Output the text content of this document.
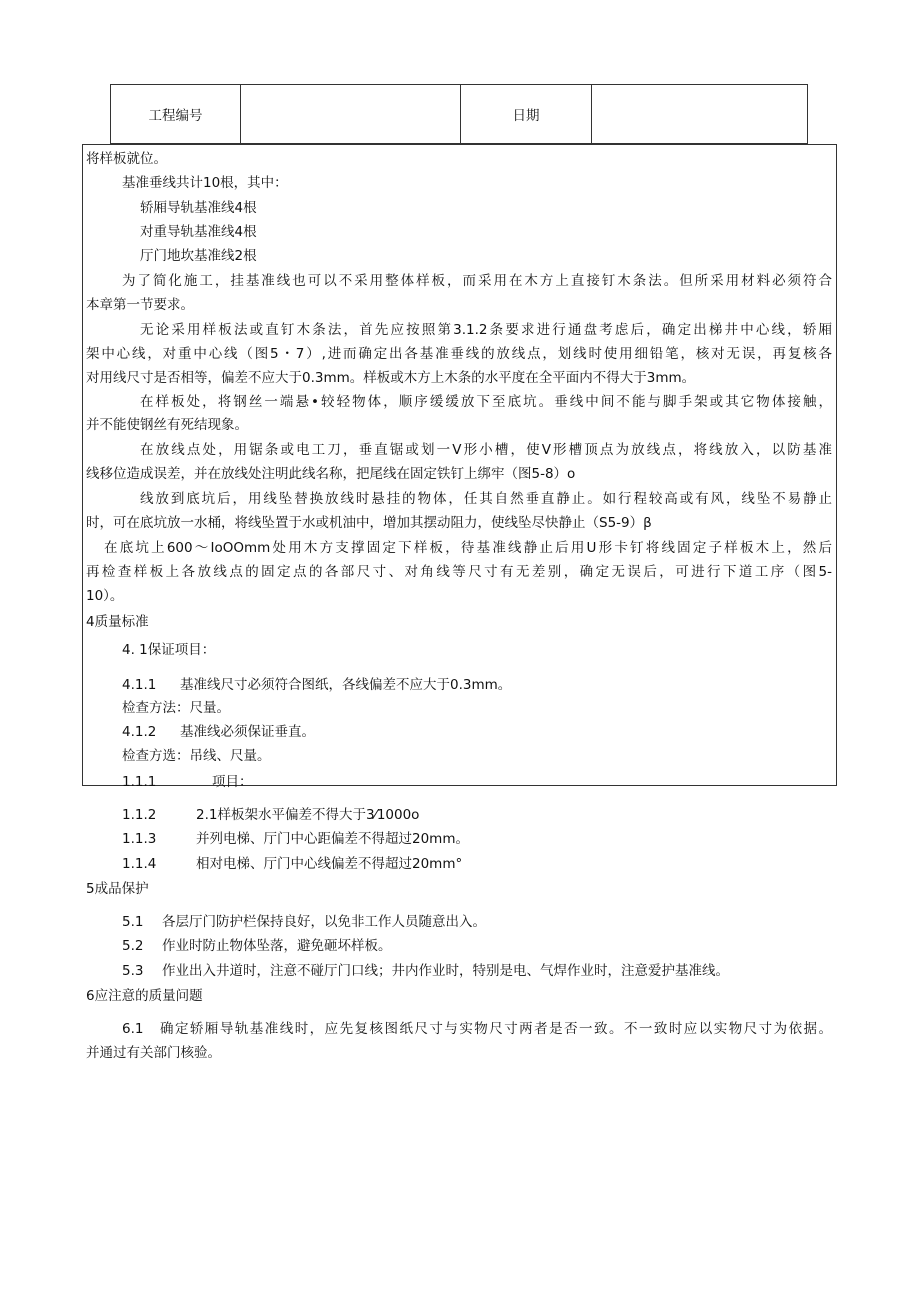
工程编号	日期
将样板就位。
基准垂线共计10根，其中：
轿厢导轨基准线4根
对重导轨基准线4根
厅门地坎基准线2根
为了简化施工，挂基准线也可以不采用整体样板，而采用在木方上直接钉木条法。但所采用材料必须符合
本章第一节要求。
无论采用样板法或直钉木条法，首先应按照第3.1.2条要求进行通盘考虑后，确定出梯井中心线，轿厢
架中心线，对重中心线（图5・7）,进而确定出各基准垂线的放线点，划线时使用细铅笔，核对无误，再复核各
对用线尺寸是否相等，偏差不应大于0.3mm。样板或木方上木条的水平度在全平面内不得大于3mm。
在样板处，将钢丝一端悬•较轻物体，顺序缓缓放下至底坑。垂线中间不能与脚手架或其它物体接触，
并不能使钢丝有死结现象。
在放线点处，用锯条或电工刀，垂直锯或划一V形小槽，使V形槽顶点为放线点，将线放入，以防基准
线移位造成误差，并在放线处注明此线名称，把尾线在固定铁钉上绑牢（图5-8）o
线放到底坑后，用线坠替换放线时悬挂的物体，任其自然垂直静止。如行程较高或有风，线坠不易静止
时，可在底坑放一水桶，将线坠置于水或机油中，增加其摆动阻力，使线坠尽快静止（S5-9）β
在底坑上600～IoOOmm处用木方支撑固定下样板，待基准线静止后用U形卡钉将线固定子样板木上，然后
再检查样板上各放线点的固定点的各部尺寸、对角线等尺寸有无差别，确定无误后，可进行下道工序（图5-
10）。
4质量标准
4. 1保证项目：
4.1.1 基准线尺寸必须符合图纸，各线偏差不应大于0.3mm。
检查方法：尺量。
4.1.2 基准线必须保证垂直。
检查方选：吊线、尺量。
1.1.1	项目：
1.1.2	2.1样板架水平偏差不得大于3⁄1000o
1.1.3	并列电梯、厅门中心距偏差不得超过20mm。
1.1.4	相对电梯、厅门中心线偏差不得超过20mm°
5成品保护
5.1 各层厅门防护栏保持良好，以免非工作人员随意出入。
5.2 作业时防止物体坠落，避免砸坏样板。
5.3 作业出入井道时，注意不碰厅门口线；井内作业时，特别是电、气焊作业时，注意爱护基准线。
6应注意的质量问题
6.1 确定轿厢导轨基准线时，应先复核图纸尺寸与实物尺寸两者是否一致。不一致时应以实物尺寸为依据。
并通过有关部门核验。
